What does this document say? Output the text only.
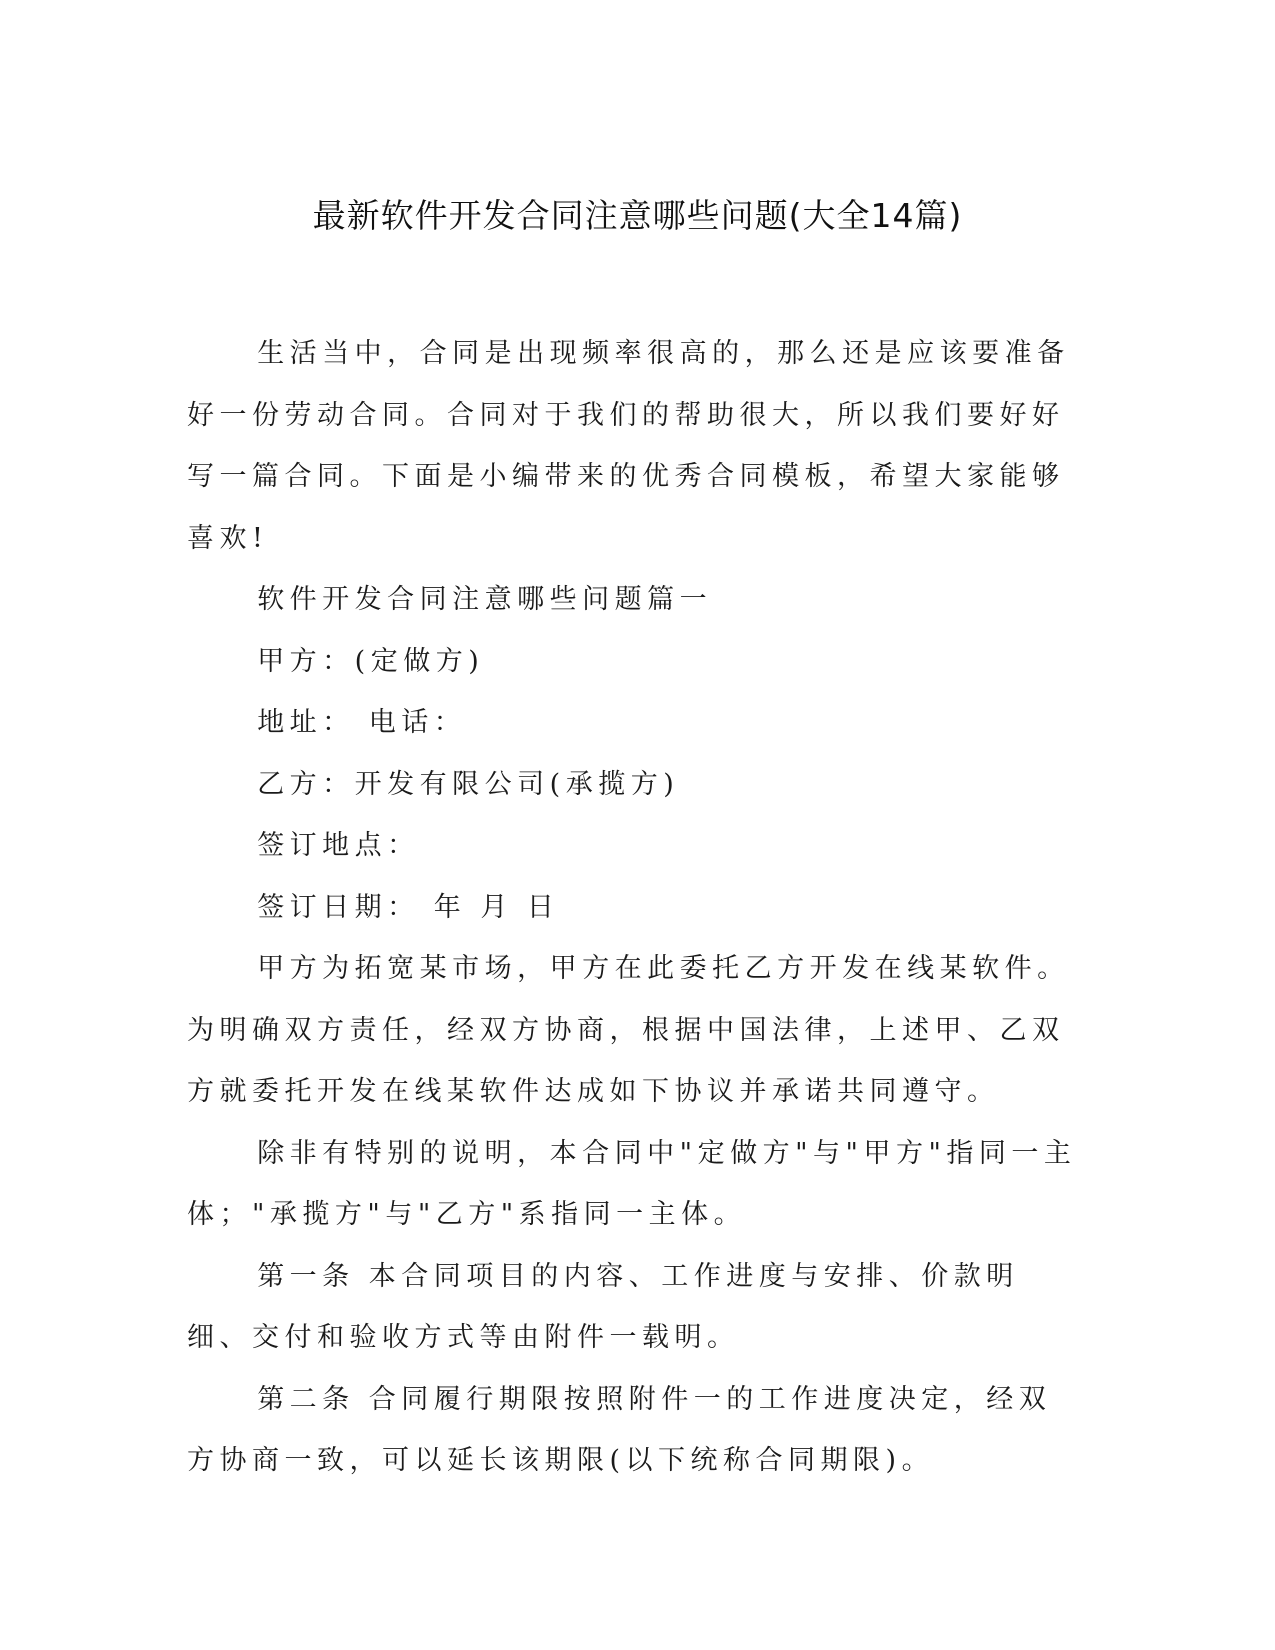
最新软件开发合同注意哪些问题(大全14篇)

生活当中，合同是出现频率很高的，那么还是应该要准备好一份劳动合同。合同对于我们的帮助很大，所以我们要好好写一篇合同。下面是小编带来的优秀合同模板，希望大家能够喜欢!

软件开发合同注意哪些问题篇一

甲方：(定做方)

地址： 电话：

乙方：开发有限公司(承揽方)

签订地点：

签订日期： 年 月 日

甲方为拓宽某市场，甲方在此委托乙方开发在线某软件。为明确双方责任，经双方协商，根据中国法律，上述甲、乙双方就委托开发在线某软件达成如下协议并承诺共同遵守。

除非有特别的说明，本合同中"定做方"与"甲方"指同一主体；"承揽方"与"乙方"系指同一主体。

第一条 本合同项目的内容、工作进度与安排、价款明细、交付和验收方式等由附件一载明。

第二条 合同履行期限按照附件一的工作进度决定，经双方协商一致，可以延长该期限(以下统称合同期限)。
